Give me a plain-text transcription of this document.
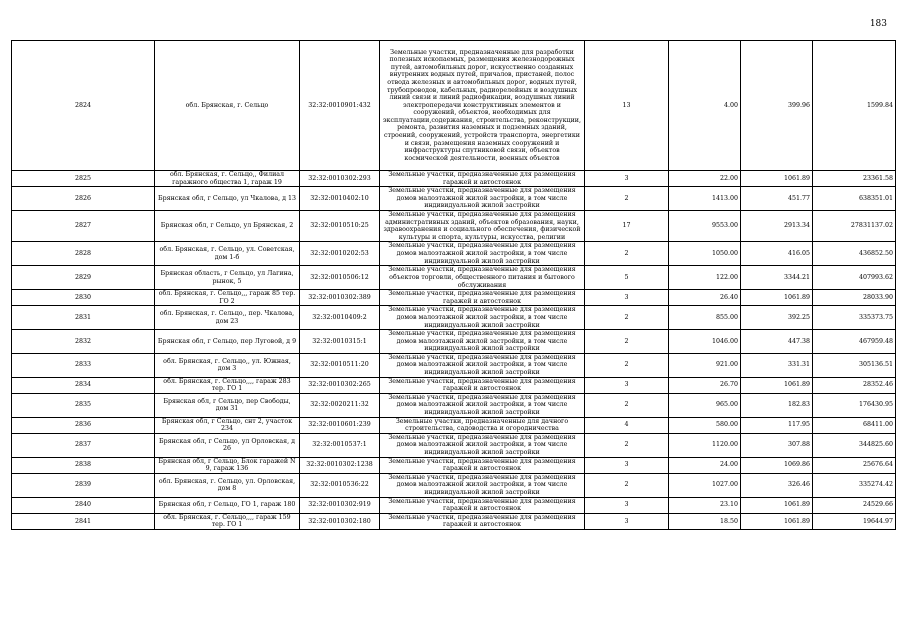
183
2824	обл. Брянская, г. Сельцо	32:32:0010901:432	Земельные участки, предназначенные для разработки полезных ископаемых, размещения железнодорожных путей, автомобильных дорог, искусственно созданных внутренних водных путей, причалов, пристаней, полос отвода железных и автомобильных дорог, водных путей, трубопроводов, кабельных, радиорелейных и воздушных линий связи и линий радиофикации, воздушных линий электропередачи конструктивных элементов и сооружений, объектов, необходимых для эксплуатации,содержания, строительства, реконструкции, ремонта, развития наземных и подземных зданий, строений, сооружений, устройств транспорта, энергетики и связи, размещения наземных сооружений и инфраструктуры спутниковой связи, объектов космической деятельности, военных объектов	13	4.00	399.96	1599.84
2825	обл. Брянская, г. Сельцо,, Филиал гаражного общества 1, гараж 19	32:32:0010302:293	Земельные участки, предназначенные для размещения гаражей и автостоянок	3	22.00	1061.89	23361.58
2826	Брянская обл, г Сельцо, ул Чкалова, д 13	32:32:0010402:10	Земельные участки, предназначенные для размещения домов малоэтажной жилой застройки, в том числе индивидуальной жилой застройки	2	1413.00	451.77	638351.01
2827	Брянская обл, г Сельцо, ул Брянская, 2	32:32:0010510:25	Земельные участки, предназначенные для размещения административных зданий, объектов образования, науки, здравоохранения и социального обеспечения, физической культуры и спорта, культуры, искусства, религии	17	9553.00	2913.34	27831137.02
2828	обл. Брянская, г. Сельцо, ул. Советская, дом 1-б	32:32:0010202:53	Земельные участки, предназначенные для размещения домов малоэтажной жилой застройки, в том числе индивидуальной жилой застройки	2	1050.00	416.05	436852.50
2829	Брянская область, г Сельцо, ул Лагина, рынок, 5	32:32:0010506:12	Земельные участки, предназначенные для размещения объектов торговли, общественного питания и бытового обслуживания	5	122.00	3344.21	407993.62
2830	обл. Брянская, г. Сельцо,,, гараж 85 тер. ГО 2	32:32:0010302:389	Земельные участки, предназначенные для размещения гаражей и автостоянок	3	26.40	1061.89	28033.90
2831	обл. Брянская, г. Сельцо,, пер. Чкалова, дом 23	32:32:0010409:2	Земельные участки, предназначенные для размещения домов малоэтажной жилой застройки, в том числе индивидуальной жилой застройки	2	855.00	392.25	335373.75
2832	Брянская обл, г Сельцо, пер Луговой, д 9	32:32:0010315:1	Земельные участки, предназначенные для размещения домов малоэтажной жилой застройки, в том числе индивидуальной жилой застройки	2	1046.00	447.38	467959.48
2833	обл. Брянская, г. Сельцо,, ул. Южная, дом 3	32:32:0010511:20	Земельные участки, предназначенные для размещения домов малоэтажной жилой застройки, в том числе индивидуальной жилой застройки	2	921.00	331.31	305136.51
2834	обл. Брянская, г. Сельцо,,,, гараж 283 тер. ГО 1	32:32:0010302:265	Земельные участки, предназначенные для размещения гаражей и автостоянок	3	26.70	1061.89	28352.46
2835	Брянская обл, г Сельцо, пер Свободы, дом 31	32:32:0020211:32	Земельные участки, предназначенные для размещения домов малоэтажной жилой застройки, в том числе индивидуальной жилой застройки	2	965.00	182.83	176430.95
2836	Брянская обл, г Сельцо, снт 2, участок 234	32:32:0010601:239	Земельные участки, предназначенные для дачного строительства, садоводства и огородничества	4	580.00	117.95	68411.00
2837	Брянская обл, г Сельцо, ул Орловская, д 26	32:32:0010537:1	Земельные участки, предназначенные для размещения домов малоэтажной жилой застройки, в том числе индивидуальной жилой застройки	2	1120.00	307.88	344825.60
2838	Брянская обл, г Сельцо, Блок гаражей N 9, гараж 136	32:32:0010302:1238	Земельные участки, предназначенные для размещения гаражей и автостоянок	3	24.00	1069.86	25676.64
2839	обл. Брянская, г. Сельцо, ул. Орловская, дом 8	32:32:0010536:22	Земельные участки, предназначенные для размещения домов малоэтажной жилой застройки, в том числе индивидуальной жилой застройки	2	1027.00	326.46	335274.42
2840	Брянская обл, г Сельцо, ГО 1, гараж 180	32:32:0010302:919	Земельные участки, предназначенные для размещения гаражей и автостоянок	3	23.10	1061.89	24529.66
2841	обл. Брянская, г. Сельцо,,,, гараж 159 тер. ГО 1	32:32:0010302:180	Земельные участки, предназначенные для размещения гаражей и автостоянок	3	18.50	1061.89	19644.97
